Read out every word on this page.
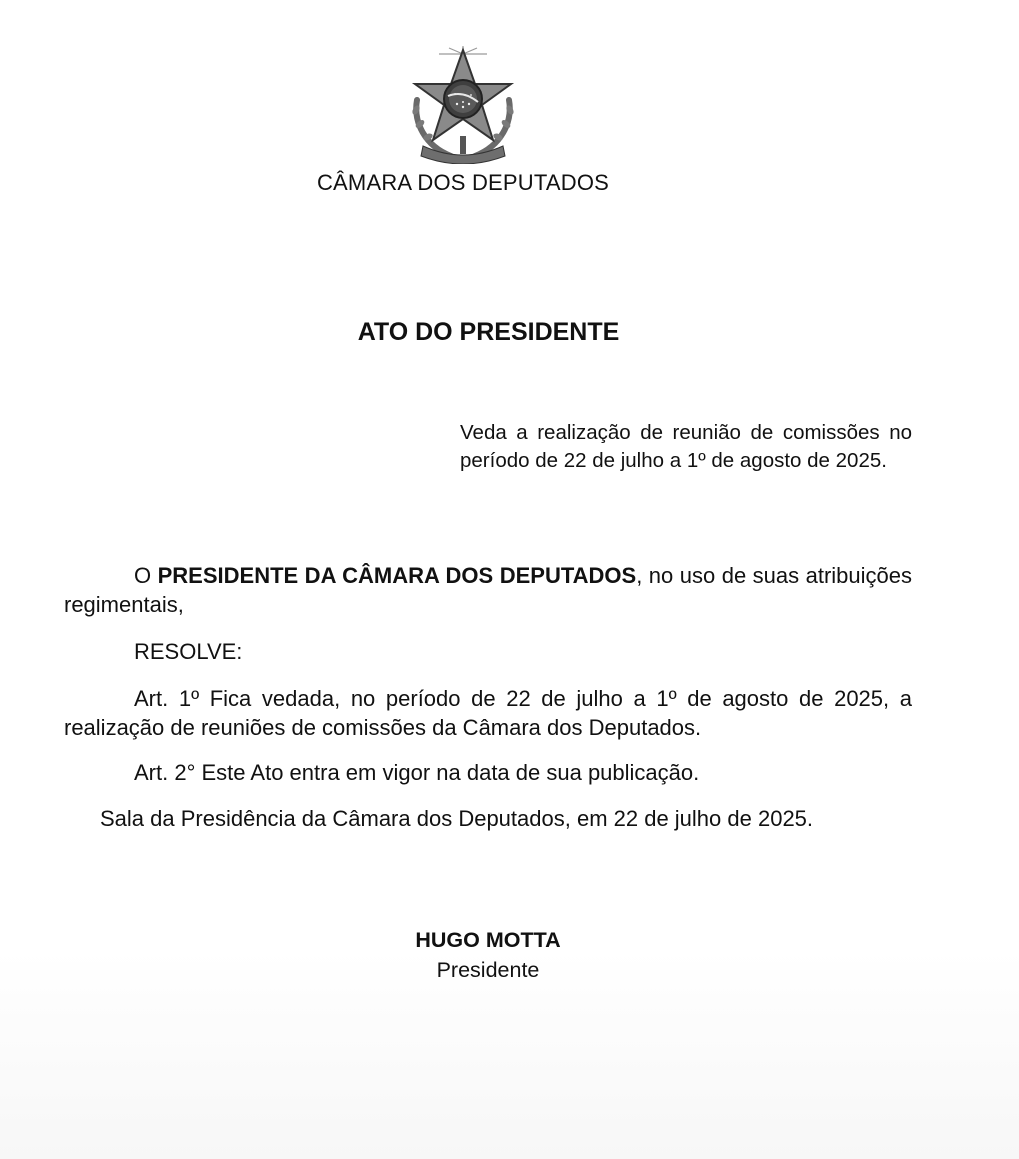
CÂMARA DOS DEPUTADOS
ATO DO PRESIDENTE
Veda a realização de reunião de comissões no período de 22 de julho a 1º de agosto de 2025.
O PRESIDENTE DA CÂMARA DOS DEPUTADOS, no uso de suas atribuições regimentais,
RESOLVE:
Art. 1º Fica vedada, no período de 22 de julho a 1º de agosto de 2025, a realização de reuniões de comissões da Câmara dos Deputados.
Art. 2° Este Ato entra em vigor na data de sua publicação.
Sala da Presidência da Câmara dos Deputados, em 22 de julho de 2025.
HUGO MOTTA
Presidente
